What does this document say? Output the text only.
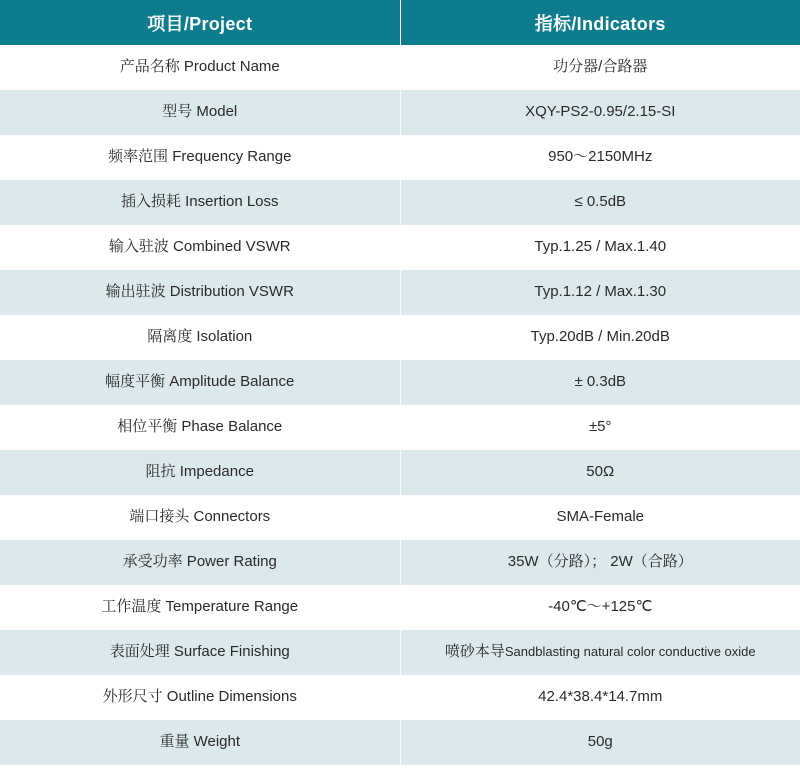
项目/Project	指标/Indicators
产品名称 Product Name	功分器/合路器
型号 Model	XQY-PS2-0.95/2.15-SI
频率范围 Frequency Range	950～2150MHz
插入损耗 Insertion Loss	≤ 0.5dB
输入驻波 Combined VSWR	Typ.1.25 / Max.1.40
输出驻波 Distribution VSWR	Typ.1.12 / Max.1.30
隔离度 Isolation	Typ.20dB / Min.20dB
幅度平衡 Amplitude Balance	± 0.3dB
相位平衡 Phase Balance	±5°
阻抗 Impedance	50Ω
端口接头 Connectors	SMA-Female
承受功率 Power Rating	35W（分路）； 2W（合路）
工作温度 Temperature Range	-40℃～+125℃
表面处理 Surface Finishing	喷砂本导Sandblasting natural color conductive oxide
外形尺寸 Outline Dimensions	42.4*38.4*14.7mm
重量 Weight	50g
